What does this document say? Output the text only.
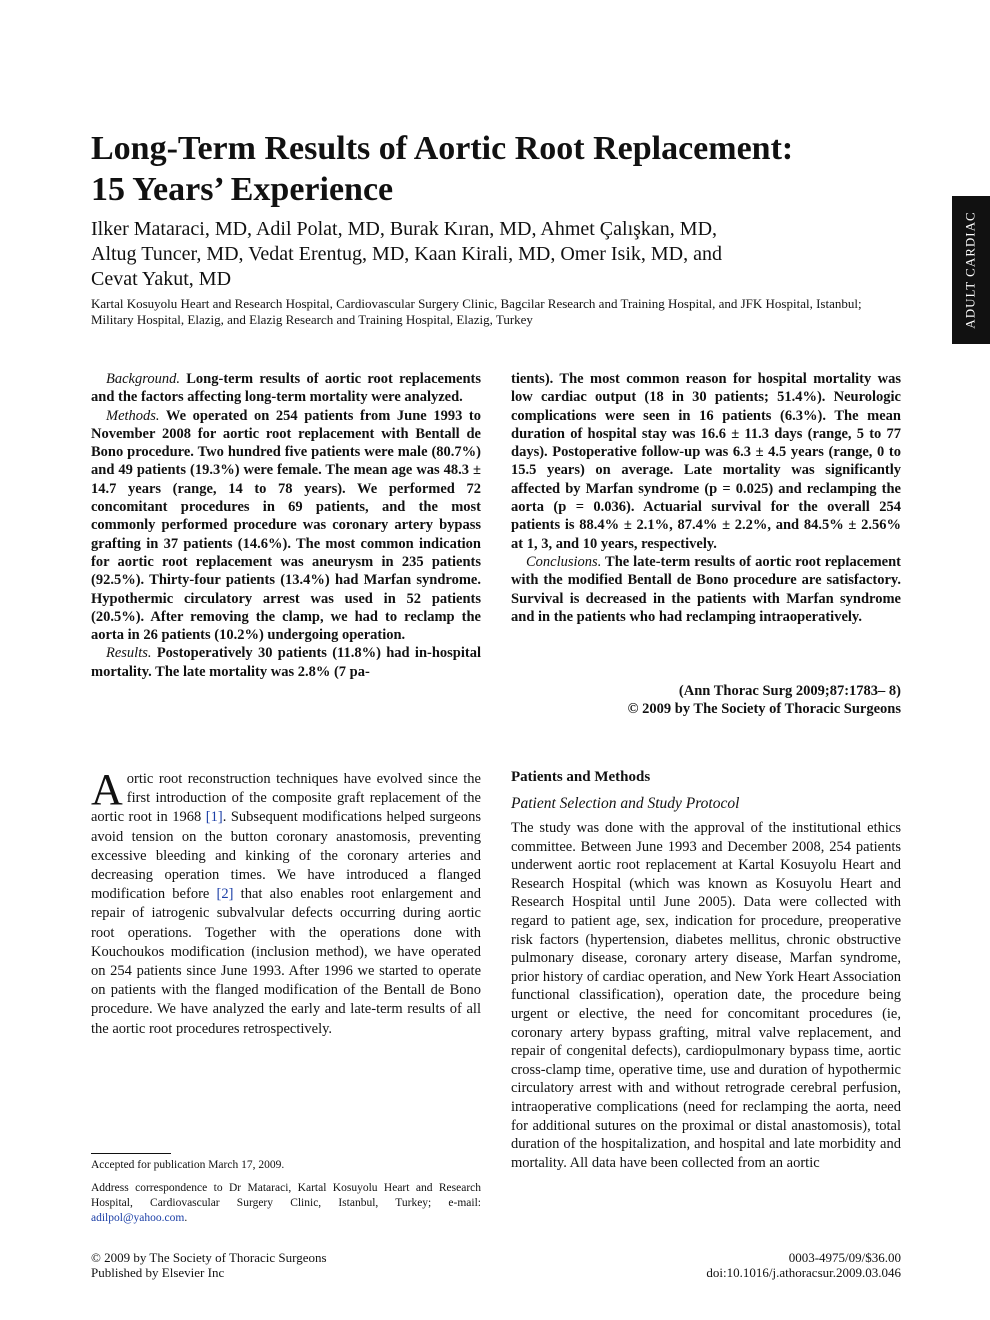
Long-Term Results of Aortic Root Replacement:
15 Years’ Experience

Ilker Mataraci, MD, Adil Polat, MD, Burak Kıran, MD, Ahmet Çalışkan, MD,
Altug Tuncer, MD, Vedat Erentug, MD, Kaan Kirali, MD, Omer Isik, MD, and
Cevat Yakut, MD

Kartal Kosuyolu Heart and Research Hospital, Cardiovascular Surgery Clinic, Bagcilar Research and Training Hospital, and JFK Hospital, Istanbul; Military Hospital, Elazig, and Elazig Research and Training Hospital, Elazig, Turkey	ADULT CARDIAC

Background. Long-term results of aortic root replacements and the factors affecting long-term mortality were analyzed.

Methods. We operated on 254 patients from June 1993 to November 2008 for aortic root replacement with Bentall de Bono procedure. Two hundred five patients were male (80.7%) and 49 patients (19.3%) were female. The mean age was 48.3 ± 14.7 years (range, 14 to 78 years). We performed 72 concomitant procedures in 69 patients, and the most commonly performed procedure was coronary artery bypass grafting in 37 patients (14.6%). The most common indication for aortic root replacement was aneurysm in 235 patients (92.5%). Thirty-four patients (13.4%) had Marfan syndrome. Hypothermic circulatory arrest was used in 52 patients (20.5%). After removing the clamp, we had to reclamp the aorta in 26 patients (10.2%) undergoing operation.

Results. Postoperatively 30 patients (11.8%) had in-hospital mortality. The late mortality was 2.8% (7 pa-

tients). The most common reason for hospital mortality was low cardiac output (18 in 30 patients; 51.4%). Neurologic complications were seen in 16 patients (6.3%). The mean duration of hospital stay was 16.6 ± 11.3 days (range, 5 to 77 days). Postoperative follow-up was 6.3 ± 4.5 years (range, 0 to 15.5 years) on average. Late mortality was significantly affected by Marfan syndrome (p = 0.025) and reclamping the aorta (p = 0.036). Actuarial survival for the overall 254 patients is 88.4% ± 2.1%, 87.4% ± 2.2%, and 84.5% ± 2.56% at 1, 3, and 10 years, respectively.

Conclusions. The late-term results of aortic root replacement with the modified Bentall de Bono procedure are satisfactory. Survival is decreased in the patients with Marfan syndrome and in the patients who had reclamping intraoperatively.

(Ann Thorac Surg 2009;87:1783– 8)

© 2009 by The Society of Thoracic Surgeons

Aortic root reconstruction techniques have evolved since the first introduction of the composite graft replacement of the aortic root in 1968 [1]. Subsequent modifications helped surgeons avoid tension on the button coronary anastomosis, preventing excessive bleeding and kinking of the coronary arteries and decreasing operation times. We have introduced a flanged modification before [2] that also enables root enlargement and repair of iatrogenic subvalvular defects occurring during aortic root operations. Together with the operations done with Kouchoukos modification (inclusion method), we have operated on 254 patients since June 1993. After 1996 we started to operate on patients with the flanged modification of the Bentall de Bono procedure. We have analyzed the early and late-term results of all the aortic root procedures retrospectively.

Patients and Methods
Patient Selection and Study Protocol

The study was done with the approval of the institutional ethics committee. Between June 1993 and December 2008, 254 patients underwent aortic root replacement at Kartal Kosuyolu Heart and Research Hospital (which was known as Kosuyolu Heart and Research Hospital until June 2005). Data were collected with regard to patient age, sex, indication for procedure, preoperative risk factors (hypertension, diabetes mellitus, chronic obstructive pulmonary disease, coronary artery disease, Marfan syndrome, prior history of cardiac operation, and New York Heart Association functional classification), operation date, the procedure being urgent or elective, the need for concomitant procedures (ie, coronary artery bypass grafting, mitral valve replacement, and repair of congenital defects), cardiopulmonary bypass time, aortic cross-clamp time, operative time, use and duration of hypothermic circulatory arrest with and without retrograde cerebral perfusion, intraoperative complications (need for reclamping the aorta, need for additional sutures on the proximal or distal anastomosis), total duration of the hospitalization, and hospital and late morbidity and mortality. All data have been collected from an aortic

Accepted for publication March 17, 2009.

Address correspondence to Dr Mataraci, Kartal Kosuyolu Heart and Research Hospital, Cardiovascular Surgery Clinic, Istanbul, Turkey; e-mail: adilpol@yahoo.com.

© 2009 by The Society of Thoracic Surgeons
Published by Elsevier Inc

0003-4975/09/$36.00
doi:10.1016/j.athoracsur.2009.03.046
